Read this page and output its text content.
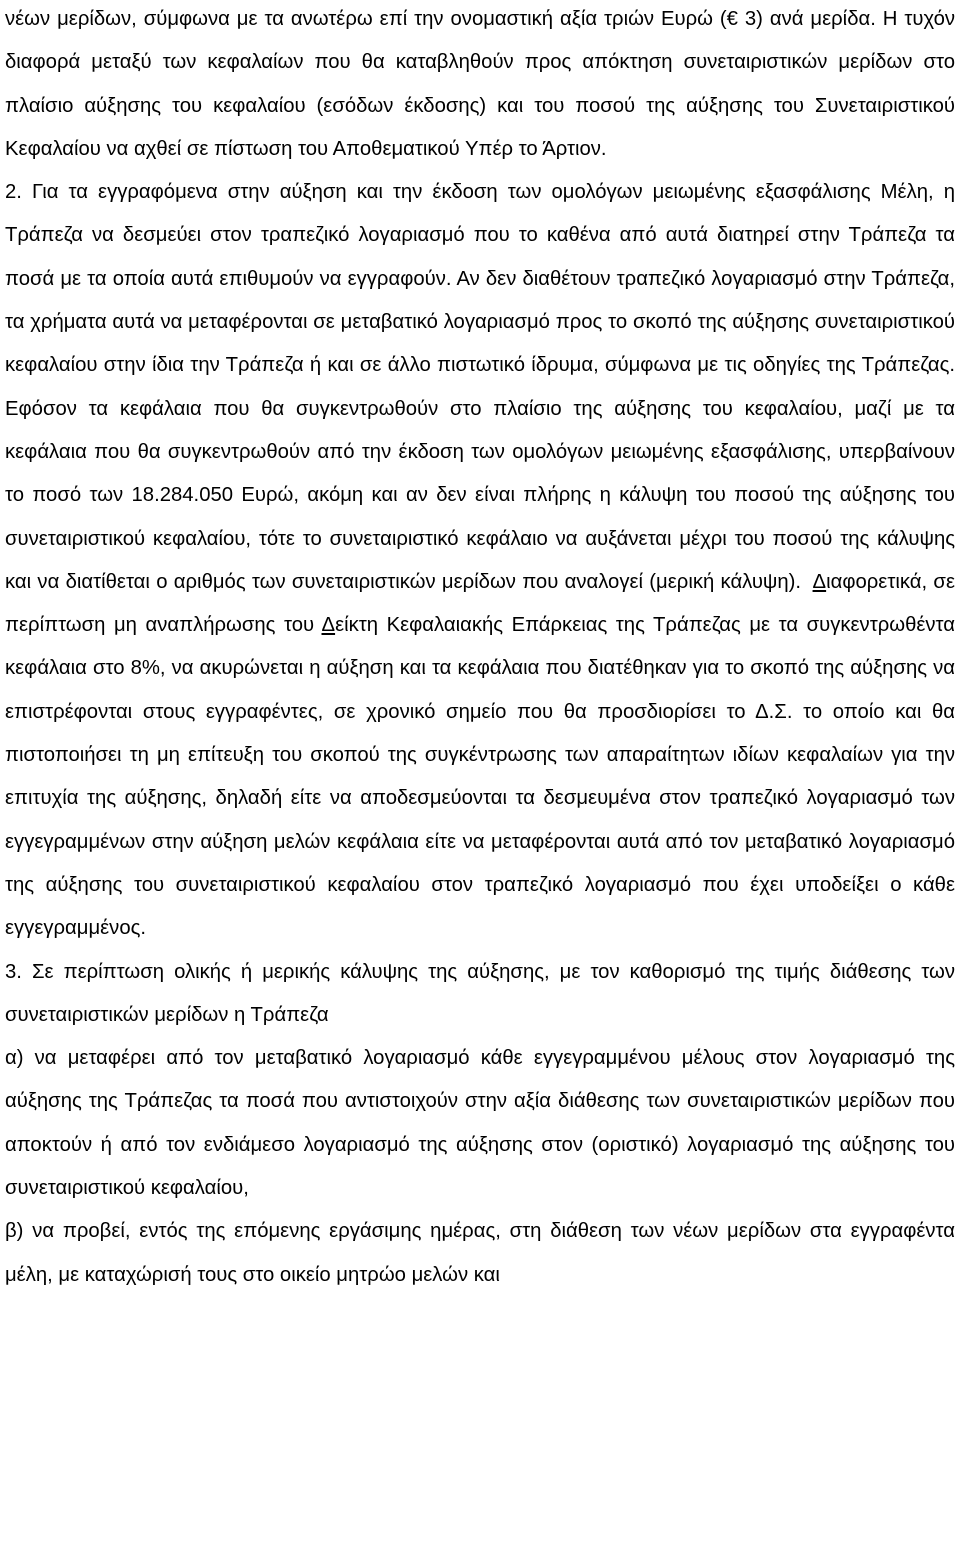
νέων μερίδων, σύμφωνα με τα ανωτέρω επί την ονομαστική αξία τριών Ευρώ (€ 3) ανά μερίδα. Η τυχόν διαφορά μεταξύ των κεφαλαίων που θα καταβληθούν προς απόκτηση συνεταιριστικών μερίδων στο πλαίσιο αύξησης του κεφαλαίου (εσόδων έκδοσης) και του ποσού της αύξησης του Συνεταιριστικού Κεφαλαίου να αχθεί σε πίστωση του Αποθεματικού Υπέρ το Άρτιον.

2. Για τα εγγραφόμενα στην αύξηση και την έκδοση των ομολόγων μειωμένης εξασφάλισης Μέλη, η Τράπεζα να δεσμεύει στον τραπεζικό λογαριασμό που το καθένα από αυτά διατηρεί στην Τράπεζα τα ποσά με τα οποία αυτά επιθυμούν να εγγραφούν. Αν δεν διαθέτουν τραπεζικό λογαριασμό στην Τράπεζα, τα χρήματα αυτά να μεταφέρονται σε μεταβατικό λογαριασμό προς το σκοπό της αύξησης συνεταιριστικού κεφαλαίου στην ίδια την Τράπεζα ή και σε άλλο πιστωτικό ίδρυμα, σύμφωνα με τις οδηγίες της Τράπεζας. Εφόσον τα κεφάλαια που θα συγκεντρωθούν στο πλαίσιο της αύξησης του κεφαλαίου, μαζί με τα κεφάλαια που θα συγκεντρωθούν από την έκδοση των ομολόγων μειωμένης εξασφάλισης, υπερβαίνουν το ποσό των 18.284.050 Ευρώ, ακόμη και αν δεν είναι πλήρης η κάλυψη του ποσού της αύξησης του συνεταιριστικού κεφαλαίου, τότε το συνεταιριστικό κεφάλαιο να αυξάνεται μέχρι του ποσού της κάλυψης και να διατίθεται ο αριθμός των συνεταιριστικών μερίδων που αναλογεί (μερική κάλυψη). Διαφορετικά, σε περίπτωση μη αναπλήρωσης του Δείκτη Κεφαλαιακής Επάρκειας της Τράπεζας με τα συγκεντρωθέντα κεφάλαια στο 8%, να ακυρώνεται η αύξηση και τα κεφάλαια που διατέθηκαν για το σκοπό της αύξησης να επιστρέφονται στους εγγραφέντες, σε χρονικό σημείο που θα προσδιορίσει το Δ.Σ. το οποίο και θα πιστοποιήσει τη μη επίτευξη του σκοπού της συγκέντρωσης των απαραίτητων ιδίων κεφαλαίων για την επιτυχία της αύξησης, δηλαδή είτε να αποδεσμεύονται τα δεσμευμένα στον τραπεζικό λογαριασμό των εγγεγραμμένων στην αύξηση μελών κεφάλαια είτε να μεταφέρονται αυτά από τον μεταβατικό λογαριασμό της αύξησης του συνεταιριστικού κεφαλαίου στον τραπεζικό λογαριασμό που έχει υποδείξει ο κάθε εγγεγραμμένος.

3. Σε περίπτωση ολικής ή μερικής κάλυψης της αύξησης, με τον καθορισμό της τιμής διάθεσης των συνεταιριστικών μερίδων η Τράπεζα

α) να μεταφέρει από τον μεταβατικό λογαριασμό κάθε εγγεγραμμένου μέλους στον λογαριασμό της αύξησης της Τράπεζας τα ποσά που αντιστοιχούν στην αξία διάθεσης των συνεταιριστικών μερίδων που αποκτούν ή από τον ενδιάμεσο λογαριασμό της αύξησης στον (οριστικό) λογαριασμό της αύξησης του συνεταιριστικού κεφαλαίου,

β) να προβεί, εντός της επόμενης εργάσιμης ημέρας, στη διάθεση των νέων μερίδων στα εγγραφέντα μέλη, με καταχώρισή τους στο οικείο μητρώο μελών και
